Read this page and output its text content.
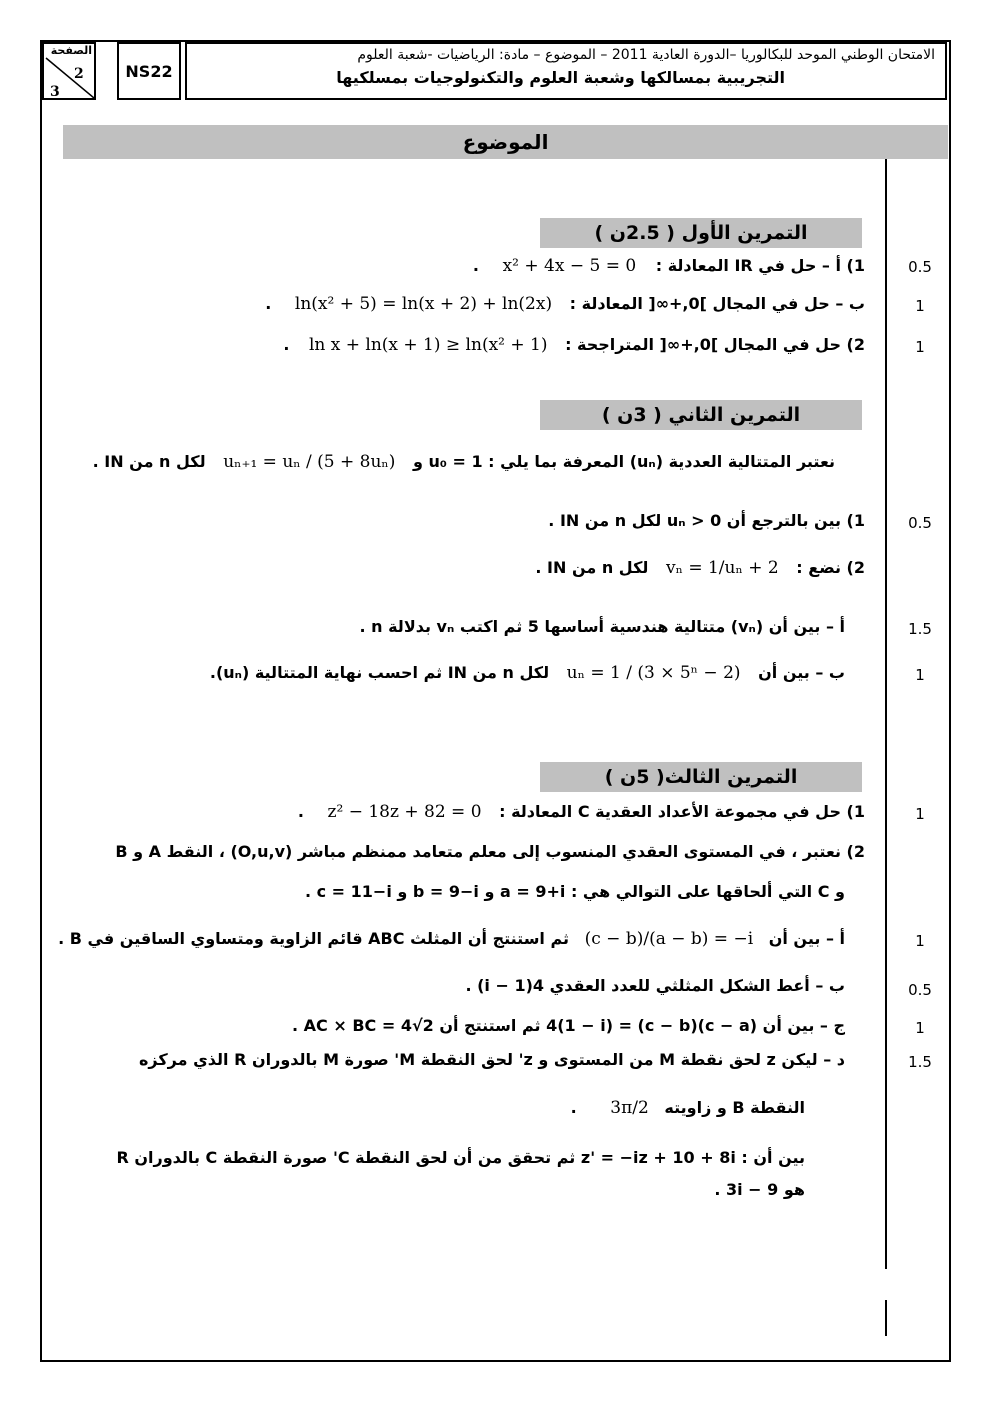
الصفحة
2
3
NS22
الامتحان الوطني الموحد للبكالوريا –الدورة العادية 2011 – الموضوع – مادة: الرياضيات -شعبة العلوم
التجريبية بمسالكها وشعبة العلوم والتكنولوجيات بمسلكيها
الموضوع
التمرين الأول ( 2.5ن )
0.5
1) أ – حل في IR المعادلة : x² + 4x − 5 = 0 .
1
ب – حل في المجال ]0,+∞[ المعادلة : ln(x² + 5) = ln(x + 2) + ln(2x) .
1
2) حل في المجال ]0,+∞[ المتراجحة : ln x + ln(x + 1) ≥ ln(x² + 1) .
التمرين الثاني ( 3ن )
نعتبر المتتالية العددية (uₙ) المعرفة بما يلي : u₀ = 1 و uₙ₊₁ = uₙ / (5 + 8uₙ) لكل n من IN .
0.5
1) بين بالترجع أن uₙ > 0 لكل n من IN .
2) نضع : vₙ = 1/uₙ + 2 لكل n من IN .
1.5
أ – بين أن (vₙ) متتالية هندسية أساسها 5 ثم اكتب vₙ بدلالة n .
1
ب – بين أن uₙ = 1 / (3 × 5ⁿ − 2) لكل n من IN ثم احسب نهاية المتتالية (uₙ).
التمرين الثالث( 5ن )
1
1) حل في مجموعة الأعداد العقدية C المعادلة : z² − 18z + 82 = 0 .
2) نعتبر ، في المستوى العقدي المنسوب إلى معلم متعامد ممنظم مباشر (O,u,v) ، النقط A و B
و C التي ألحاقها على التوالي هي : a = 9+i و b = 9−i و c = 11−i .
1
أ – بين أن (c − b)/(a − b) = −i ثم استنتج أن المثلث ABC قائم الزاوية ومتساوي الساقين في B .
0.5
ب – أعط الشكل المثلثي للعدد العقدي 4(1 − i) .
1
ج – بين أن (c − a)(c − b) = 4(1 − i) ثم استنتج أن AC × BC = 4√2 .
1.5
د – ليكن z لحق نقطة M من المستوى و z' لحق النقطة M' صورة M بالدوران R الذي مركزه
النقطة B و زاويته 3π/2 .
بين أن : z' = −iz + 10 + 8i ثم تحقق من أن لحق النقطة C' صورة النقطة C بالدوران R
هو 9 − 3i .
